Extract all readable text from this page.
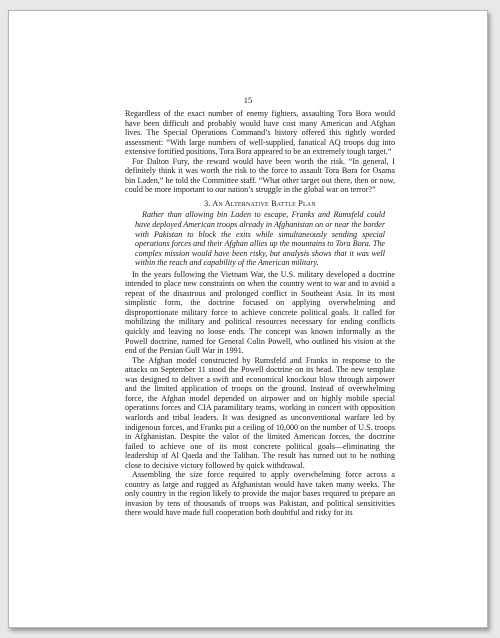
15

Regardless of the exact number of enemy fighters, assaulting Tora Bora would have been difficult and probably would have cost many American and Afghan lives. The Special Operations Command’s history offered this tightly worded assessment: “With large numbers of well-supplied, fanatical AQ troops dug into extensive fortified positions, Tora Bora appeared to be an extremely tough target.”

For Dalton Fury, the reward would have been worth the risk. “In general, I definitely think it was worth the risk to the force to assault Tora Bora for Osama bin Laden,” he told the Committee staff. “What other target out there, then or now, could be more important to our nation’s struggle in the global war on terror?”

3. An Alternative Battle Plan

Rather than allowing bin Laden to escape, Franks and Rumsfeld could have deployed American troops already in Afghanistan on or near the border with Pakistan to block the exits while simultaneously sending special operations forces and their Afghan allies up the mountains to Tora Bora. The complex mission would have been risky, but analysis shows that it was well within the reach and capability of the American military.

In the years following the Vietnam War, the U.S. military developed a doctrine intended to place new constraints on when the country went to war and to avoid a repeat of the disastrous and prolonged conflict in Southeast Asia. In its most simplistic form, the doctrine focused on applying overwhelming and disproportionate military force to achieve concrete political goals. It called for mobilizing the military and political resources necessary for ending conflicts quickly and leaving no loose ends. The concept was known informally as the Powell doctrine, named for General Colin Powell, who outlined his vision at the end of the Persian Gulf War in 1991.

The Afghan model constructed by Rumsfeld and Franks in response to the attacks on September 11 stood the Powell doctrine on its head. The new template was designed to deliver a swift and economical knockout blow through airpower and the limited application of troops on the ground. Instead of overwhelming force, the Afghan model depended on airpower and on highly mobile special operations forces and CIA paramilitary teams, working in concert with opposition warlords and tribal leaders. It was designed as unconventional warfare led by indigenous forces, and Franks put a ceiling of 10,000 on the number of U.S. troops in Afghanistan. Despite the valor of the limited American forces, the doctrine failed to achieve one of its most concrete political goals—eliminating the leadership of Al Qaeda and the Taliban. The result has turned out to be nothing close to decisive victory followed by quick withdrawal.

Assembling the size force required to apply overwhelming force across a country as large and rugged as Afghanistan would have taken many weeks. The only country in the region likely to provide the major bases required to prepare an invasion by tens of thousands of troops was Pakistan, and political sensitivities there would have made full cooperation both doubtful and risky for its
